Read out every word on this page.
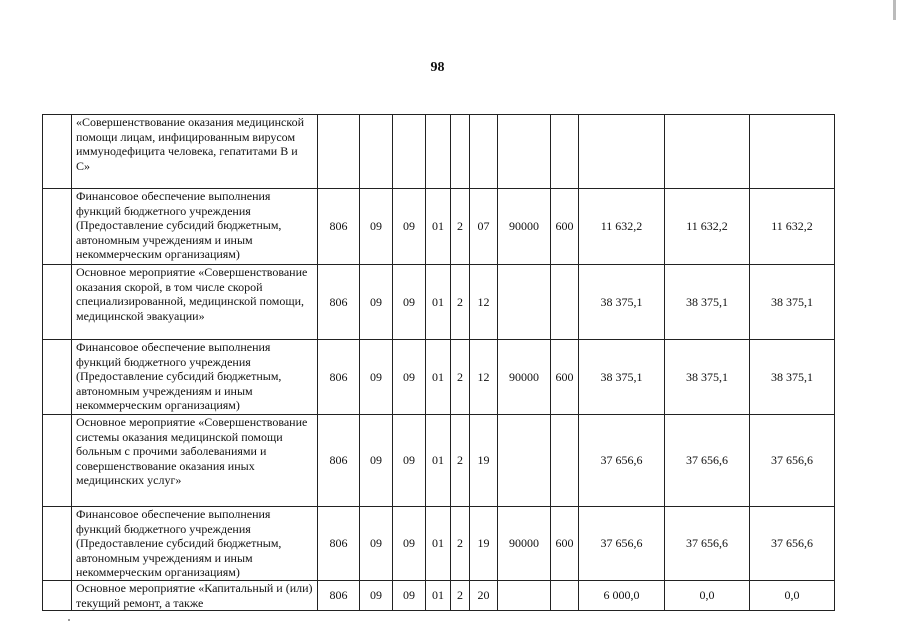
98
	«Совершенствование оказания медицинской помощи лицам, инфицированным вирусом иммунодефицита человека, гепатитами В и С»											
	Финансовое обеспечение выполнения функций бюджетного учреждения (Предоставление субсидий бюджетным, автономным учреждениям и иным некоммерческим организациям)	806	09	09	01	2	07	90000	600	11 632,2	11 632,2	11 632,2
	Основное мероприятие «Совершенствование оказания скорой, в том числе скорой специализированной, медицинской помощи, медицинской эвакуации»	806	09	09	01	2	12			38 375,1	38 375,1	38 375,1
	Финансовое обеспечение выполнения функций бюджетного учреждения (Предоставление субсидий бюджетным, автономным учреждениям и иным некоммерческим организациям)	806	09	09	01	2	12	90000	600	38 375,1	38 375,1	38 375,1
	Основное мероприятие «Совершенствование системы оказания медицинской помощи больным с прочими заболеваниями и совершенствование оказания иных медицинских услуг»	806	09	09	01	2	19			37 656,6	37 656,6	37 656,6
	Финансовое обеспечение выполнения функций бюджетного учреждения (Предоставление субсидий бюджетным, автономным учреждениям и иным некоммерческим организациям)	806	09	09	01	2	19	90000	600	37 656,6	37 656,6	37 656,6
	Основное мероприятие «Капитальный и (или) текущий ремонт, а также	806	09	09	01	2	20			6 000,0	0,0	0,0
